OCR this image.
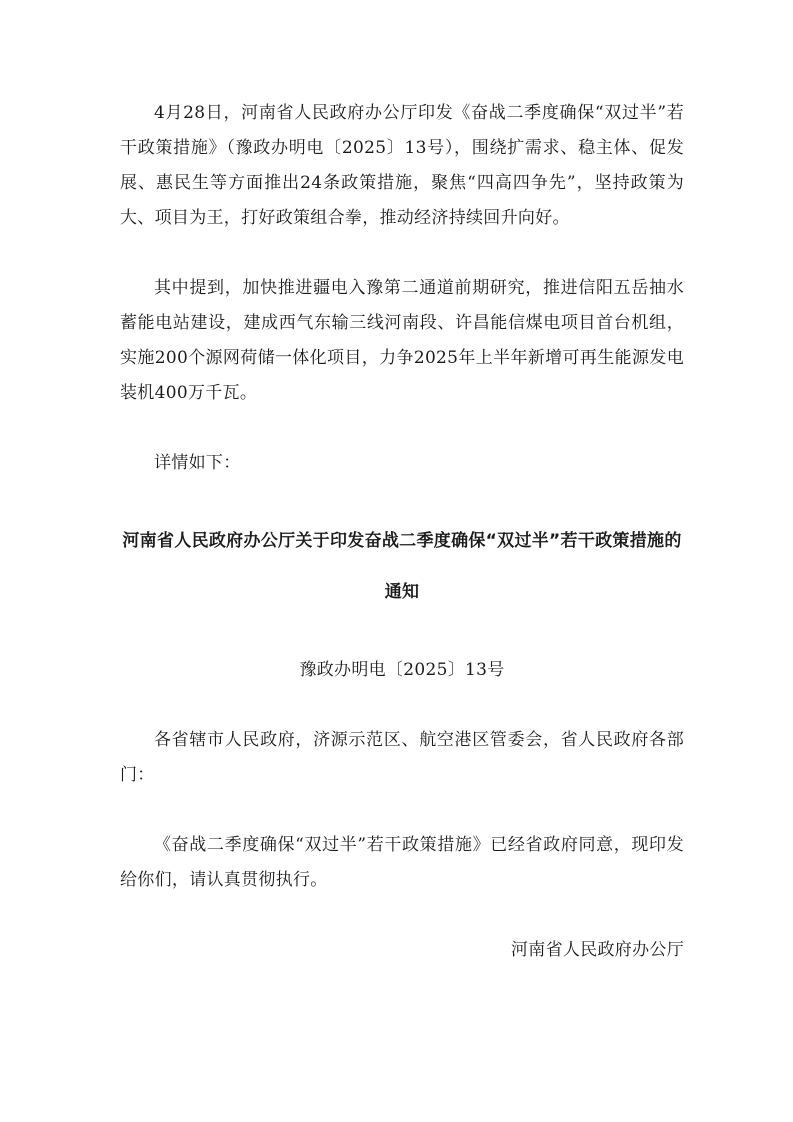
4月28日，河南省人民政府办公厅印发《奋战二季度确保“双过半”若干政策措施》（豫政办明电〔2025〕13号），围绕扩需求、稳主体、促发展、惠民生等方面推出24条政策措施，聚焦“四高四争先”，坚持政策为大、项目为王，打好政策组合拳，推动经济持续回升向好。

其中提到，加快推进疆电入豫第二通道前期研究，推进信阳五岳抽水蓄能电站建设，建成西气东输三线河南段、许昌能信煤电项目首台机组，实施200个源网荷储一体化项目，力争2025年上半年新增可再生能源发电装机400万千瓦。

详情如下：

河南省人民政府办公厅关于印发奋战二季度确保“双过半”若干政策措施的通知

豫政办明电〔2025〕13号

各省辖市人民政府，济源示范区、航空港区管委会，省人民政府各部门：

《奋战二季度确保“双过半”若干政策措施》已经省政府同意，现印发给你们，请认真贯彻执行。

河南省人民政府办公厅
